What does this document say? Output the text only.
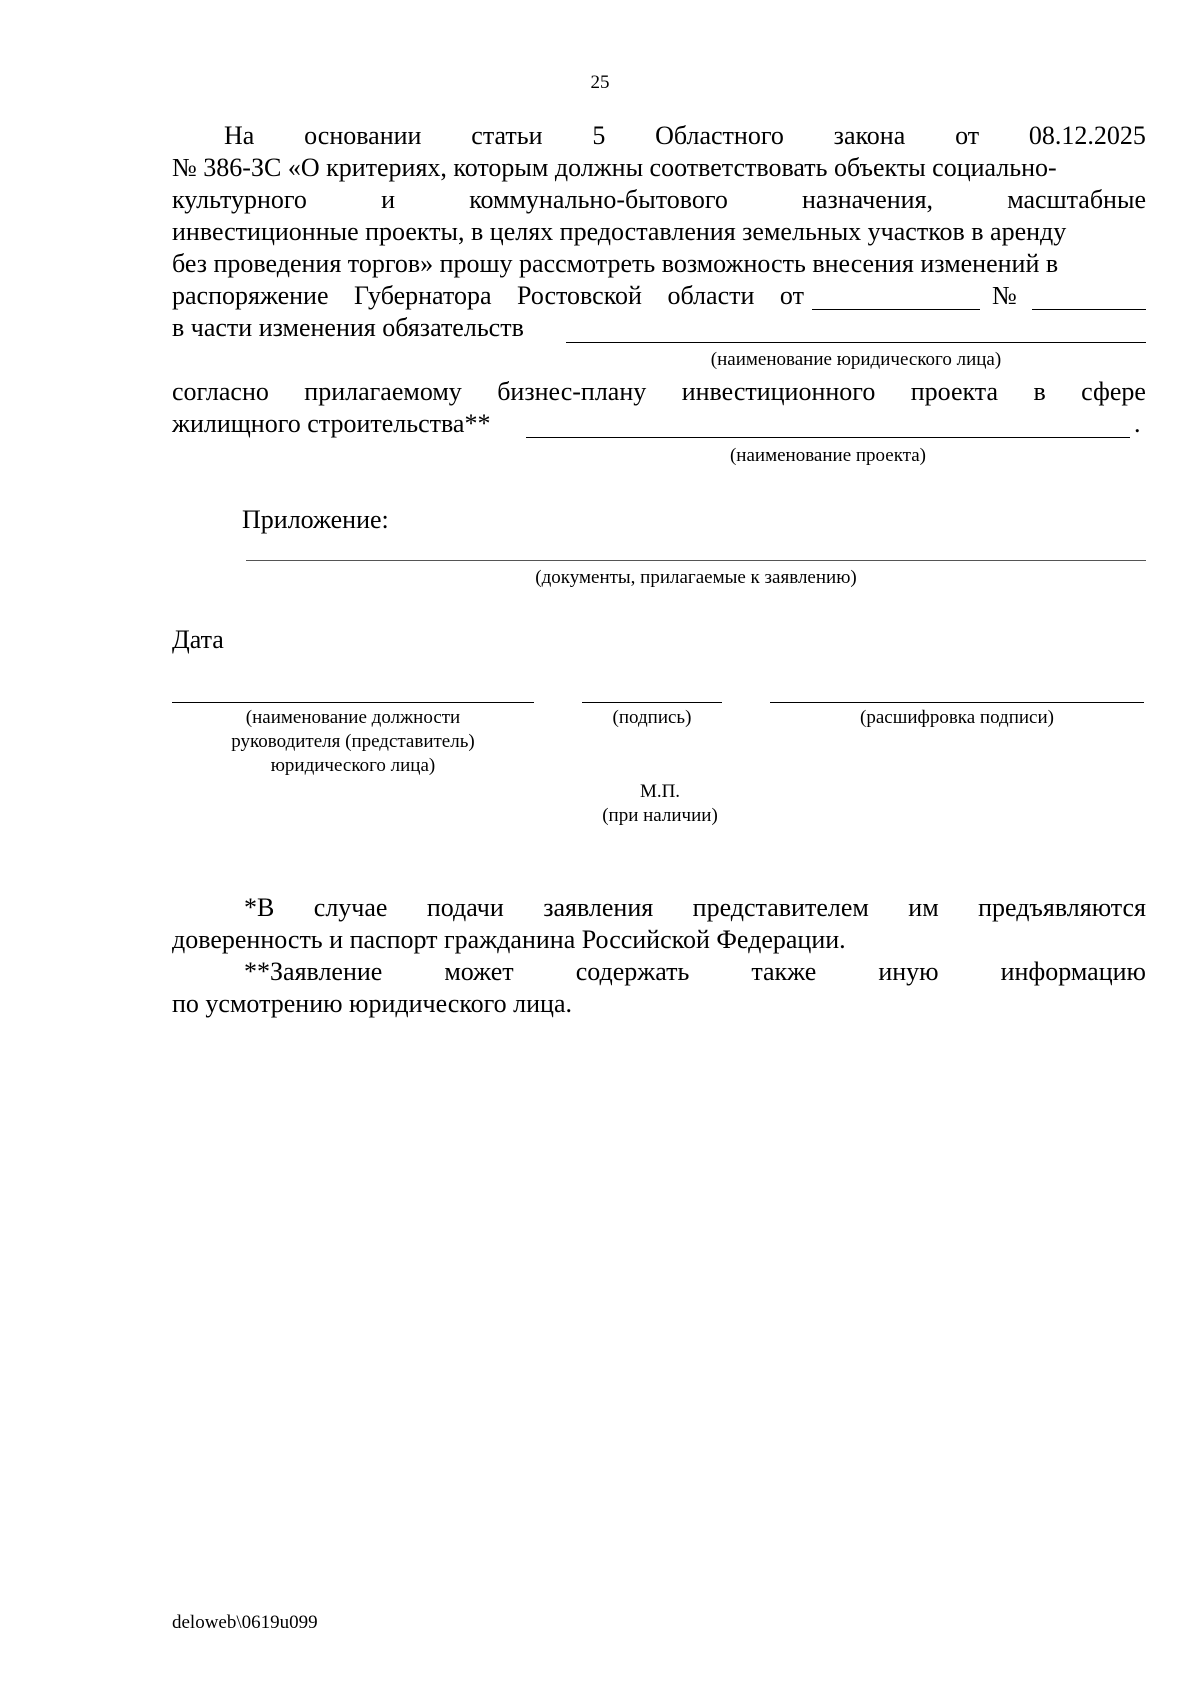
25
На основании статьи 5 Областного закона от 08.12.2025
№ 386-ЗС «О критериях, которым должны соответствовать объекты социально-
культурного	и	коммунально-бытового	назначения,	масштабные
инвестиционные проекты, в целях предоставления земельных участков в аренду
без проведения торгов» прошу рассмотреть возможность внесения изменений в
распоряжение Губернатора Ростовской области от	№
в части изменения обязательств
(наименование юридического лица)
согласно прилагаемому бизнес-плану инвестиционного проекта в сфере
жилищного строительства**	.
(наименование проекта)
Приложение:
(документы, прилагаемые к заявлению)
Дата
(наименование должности
руководителя (представитель)
юридического лица)
(подпись)	(расшифровка подписи)
М.П.
(при наличии)
*В случае подачи заявления представителем им предъявляются
доверенность и паспорт гражданина Российской Федерации.
**Заявление может содержать также иную информацию
по усмотрению юридического лица.
deloweb\0619u099
